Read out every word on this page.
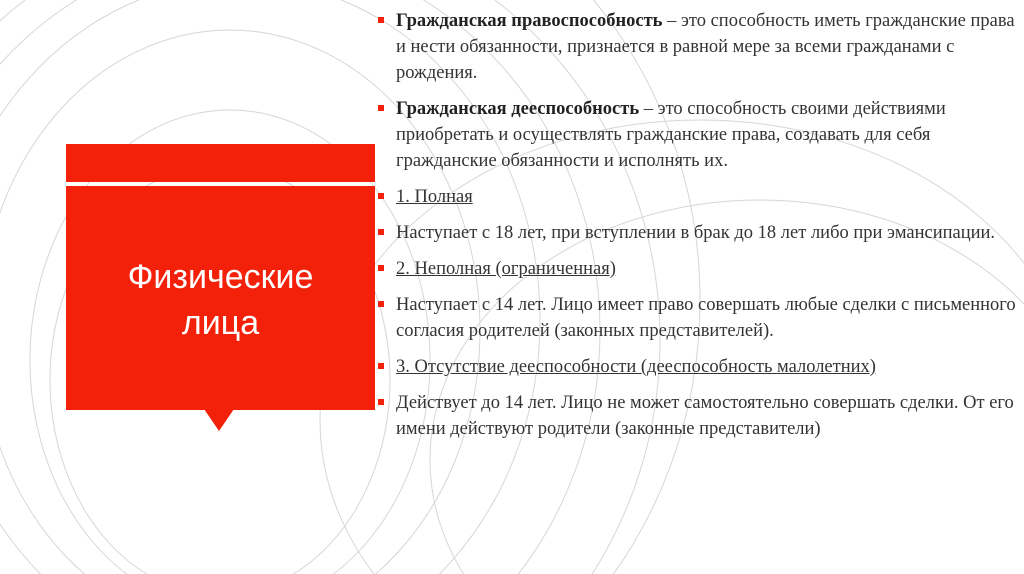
Физические
лица
Гражданская правоспособность – это способность иметь гражданские права и нести обязанности, признается в равной мере за всеми гражданами с рождения.
Гражданская дееспособность – это способность своими действиями приобретать и осуществлять гражданские права, создавать для себя гражданские обязанности и исполнять их.
1. Полная
Наступает с 18 лет, при вступлении в брак до 18 лет либо при эмансипации.
2. Неполная (ограниченная)
Наступает с 14 лет. Лицо имеет право совершать любые сделки с письменного согласия родителей (законных представителей).
3. Отсутствие дееспособности (дееспособность малолетних)
Действует до 14 лет. Лицо не может самостоятельно совершать сделки. От его имени действуют родители (законные представители)
